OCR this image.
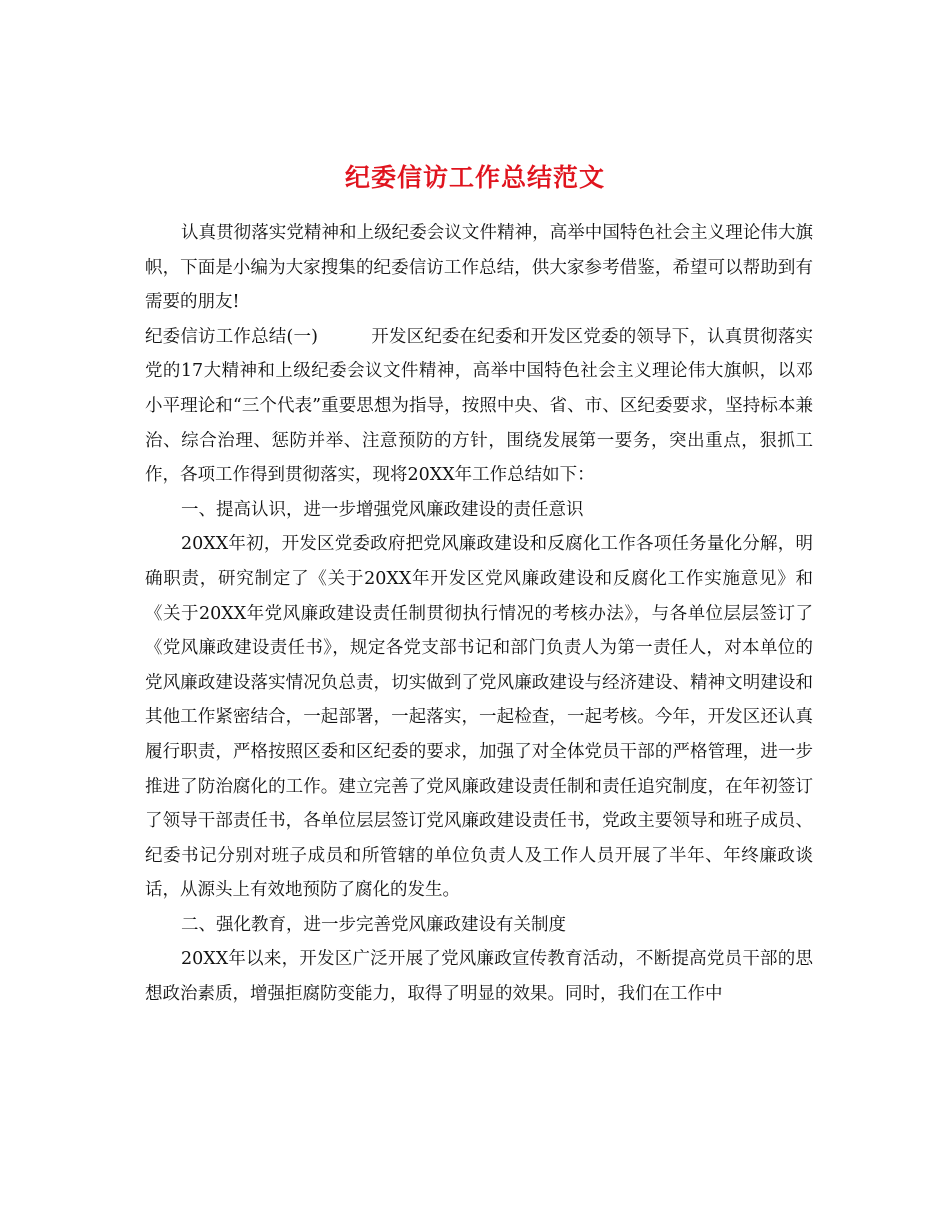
纪委信访工作总结范文

认真贯彻落实党精神和上级纪委会议文件精神，高举中国特色社会主义理论伟大旗帜，下面是小编为大家搜集的纪委信访工作总结，供大家参考借鉴，希望可以帮助到有需要的朋友!

纪委信访工作总结(一)　　　	开发区纪委在纪委和开发区党委的领导下，认真贯彻落实党的17大精神和上级纪委会议文件精神，高举中国特色社会主义理论伟大旗帜，以邓小平理论和“三个代表”重要思想为指导，按照中央、省、市、区纪委要求，坚持标本兼治、综合治理、惩防并举、注意预防的方针，围绕发展第一要务，突出重点，狠抓工作，各项工作得到贯彻落实，现将20XX年工作总结如下：

一、提高认识，进一步增强党风廉政建设的责任意识

20XX年初，开发区党委政府把党风廉政建设和反腐化工作各项任务量化分解，明确职责，研究制定了《关于20XX年开发区党风廉政建设和反腐化工作实施意见》和《关于20XX年党风廉政建设责任制贯彻执行情况的考核办法》，与各单位层层签订了《党风廉政建设责任书》，规定各党支部书记和部门负责人为第一责任人，对本单位的党风廉政建设落实情况负总责，切实做到了党风廉政建设与经济建设、精神文明建设和其他工作紧密结合，一起部署，一起落实，一起检查，一起考核。今年，开发区还认真履行职责，严格按照区委和区纪委的要求，加强了对全体党员干部的严格管理，进一步推进了防治腐化的工作。建立完善了党风廉政建设责任制和责任追究制度，在年初签订了领导干部责任书，各单位层层签订党风廉政建设责任书，党政主要领导和班子成员、纪委书记分别对班子成员和所管辖的单位负责人及工作人员开展了半年、年终廉政谈话，从源头上有效地预防了腐化的发生。

二、强化教育，进一步完善党风廉政建设有关制度

20XX年以来，开发区广泛开展了党风廉政宣传教育活动，不断提高党员干部的思想政治素质，增强拒腐防变能力，取得了明显的效果。同时，我们在工作中
